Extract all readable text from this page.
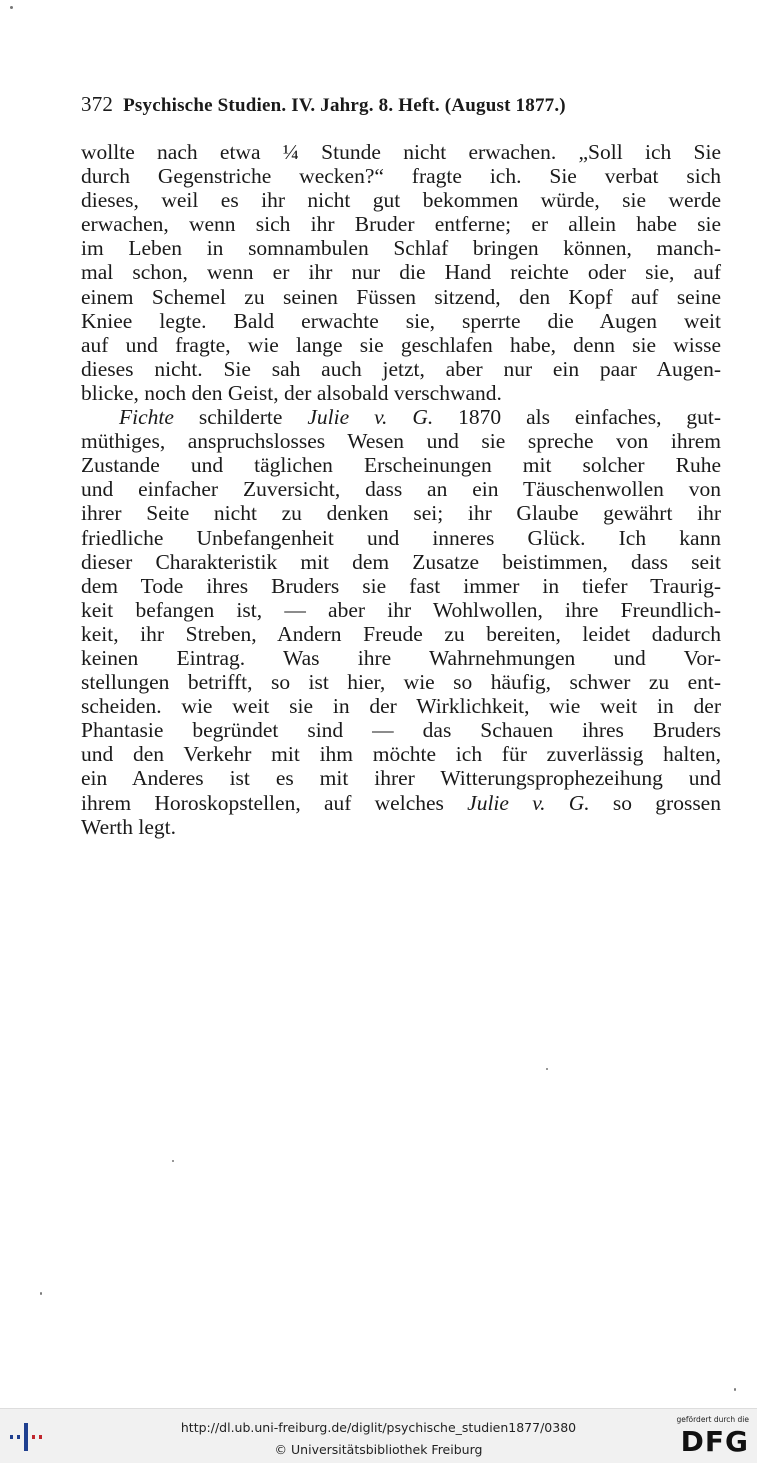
372 Psychische Studien. IV. Jahrg. 8. Heft. (August 1877.)
wollte nach etwa ¼ Stunde nicht erwachen. „Soll ich Sie
durch Gegenstriche wecken?“ fragte ich. Sie verbat sich
dieses, weil es ihr nicht gut bekommen würde, sie werde
erwachen, wenn sich ihr Bruder entferne; er allein habe sie
im Leben in somnambulen Schlaf bringen können, manch-
mal schon, wenn er ihr nur die Hand reichte oder sie, auf
einem Schemel zu seinen Füssen sitzend, den Kopf auf seine
Kniee legte. Bald erwachte sie, sperrte die Augen weit
auf und fragte, wie lange sie geschlafen habe, denn sie wisse
dieses nicht. Sie sah auch jetzt, aber nur ein paar Augen-
blicke, noch den Geist, der alsobald verschwand.
Fichte schilderte Julie v. G. 1870 als einfaches, gut-
müthiges, anspruchslosses Wesen und sie spreche von ihrem
Zustande und täglichen Erscheinungen mit solcher Ruhe
und einfacher Zuversicht, dass an ein Täuschenwollen von
ihrer Seite nicht zu denken sei; ihr Glaube gewährt ihr
friedliche Unbefangenheit und inneres Glück. Ich kann
dieser Charakteristik mit dem Zusatze beistimmen, dass seit
dem Tode ihres Bruders sie fast immer in tiefer Traurig-
keit befangen ist, — aber ihr Wohlwollen, ihre Freundlich-
keit, ihr Streben, Andern Freude zu bereiten, leidet dadurch
keinen Eintrag. Was ihre Wahrnehmungen und Vor-
stellungen betrifft, so ist hier, wie so häufig, schwer zu ent-
scheiden. wie weit sie in der Wirklichkeit, wie weit in der
Phantasie begründet sind — das Schauen ihres Bruders
und den Verkehr mit ihm möchte ich für zuverlässig halten,
ein Anderes ist es mit ihrer Witterungsprophezeihung und
ihrem Horoskopstellen, auf welches Julie v. G. so grossen
Werth legt.
http://dl.ub.uni-freiburg.de/diglit/psychische_studien1877/0380
© Universitätsbibliothek Freiburg
gefördert durch die
DFG
